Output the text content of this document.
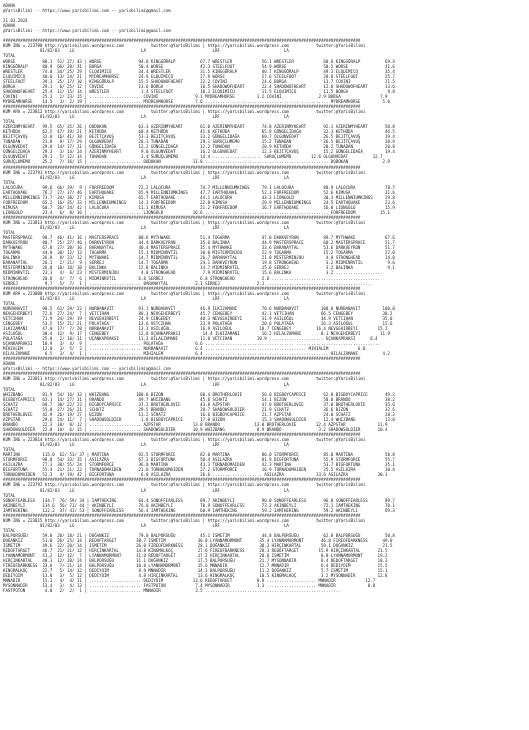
ADANA
@YarisBilimi -- https://www.yarisbilimi.com -- yarisbilimi@gmail.com

21.03.2024
ADANA
@YarisBilimi -- https://www.yarisbilimi.com -- yarisbilimi@gmail.com

#################################################################################################################################################
KUM ING = 223790 http://yarisbilimi.wordpress.com           twitter:@YarisBilimi | https://yarisbilimi.wordpress.com           twitter:@YarisBilimi
81/82/83    LG                           LA                           LRF                          LA
TOTAL
WORSE           88.1  51/ 27/ 43 | WORSE               94.0 KINGGÖRALP          67.7 WRESTLER            56.1 WRESTLER            60.6 KINGGÖRALP          69.4
KINGGÖRALP      80.9  66/ 28/ 31 | BORGA               50.4 WORSE               42.3 STEELFOOT           54.9 WORSE               50.2 WORSE               41.6
WRESTLER        74.0  34/ 25/ 29 | ELQUIMICO           34.4 WRESTLER            31.5 KINGGÖRALP          40.7 KINGGÖRALP          49.3 ELQUIMICO           35.4
ELQUIMICO       40.0  13/ 24/ 21 | MYDREAMHORSE        24.9 ELQUIMICO           27.9 WORSE               27.6 STEELFOOT           20.8 STEELFOOT           25.7
STEELFOOT       39.3  25/ 17/ 10 | KINGGÖRALP          15.5 SHADOWOFHEART       22.2 COVINI              24.6 BORGA               13.7 COVINI              21.5
BORGA           29.1   6/ 25/ 12 | COVINI              13.6 BORGA               10.5 SHADOWOFHEART       22.4 SHADOWOFHEART       12.6 SHADOWOFHEART       13.6
SHADOWOFHEART   25.4  11/ 15/ 14 | WRESTLER             1.4 STEELFOOT           10.3 ELQUIMICO           11.5 ELQUIMICO           11.5 BORGA                9.8
COVINI          25.3   2/ 23/ 15 | ..................... COVINI               9.1 MYDREAMHORSE         1.2 COVINI               2.9 BORGA                7.9
MYDREAMHORSE    14.5   3/  2/ 19 | ..................... MYDREAMHORSE         7.6 .................................................. MYDREAMHORSE         5.0
#################################################################################################################################################
KUM ARA = 223812 http://yarisbilimi.wordpress.com           twitter:@YarisBilimi | https://yarisbilimi.wordpress.com           twitter:@YarisBilimi
81/82/83    LG                           LA                           LRF                          LA
TOTAL
AZERINMYHEART   99.5  65/ 35/ 26 | DODOKAN             63.3 AZERINMYHEART       61.0 AZERINMYHEART       74.8 AZERINMYHEART       92.1 AZERINMYHEART       50.8
KETHÜDA         62.5  47/ 19/ 21 | KETHÜDA             60.4 KETHÜDA             41.6 KETHÜDA             65.8 GÜNGELIDAĞA         32.3 KETHÜDA             46.5
BEJİTÇAVUŞ      32.0  16/ 41/ 38 | BEJİTÇAVUŞ          53.3 BEJİTÇAVUŞ          33.2 GÜNGELIDAĞA         60.7 OLGUNVEDAT          26.5 BEJİTÇAVUŞ          19.4
TUNADAN         23.8   9/ 17/ 29 | OLGUNVEDAT          28.1 TUNADAN             29.1 SURUÇLUMEMO         15.2 TUNADAN             26.5 BEJİTÇAVUŞ          30.9
OLGUNVEDAT      29.6  14/ 17/ 11 | GÜNGELIDAĞA         12.2 GÜNGELIDAĞA         12.2 TUNADAN             20.9 KETHÜDA             20.2 TUNADAN             20.8
GÜNGELIDAĞA     29.3   3/ 14/ 24 | AZERINMYHEART        9.0 OLGUNVEDAT          16.2 OLGUNVEDAT          12.3 BEJİTÇAVUŞ          15.2 GÜNGELIDAĞA         19.4
OLGUNVEDAT      29.1   5/ 12/ 14 | TUNADAN              3.4 SURUÇLUMEMO         14.4 .................... SURUÇLUMEMO        12.6 OLGUNVEDAT          12.7
SURUÇLUMEMO     25.2   7/ 16/ 15 | ..................... DODOKAN             11.0 .................................................. DODOKAN              2.9
#################################################################################################################################################
KUM ING = 223791 http://yarisbilimi.wordpress.com           twitter:@YarisBilimi | https://yarisbilimi.wordpress.com           twitter:@YarisBilimi
81/82/83    LG                           LA                           LRF                          LA
TOTAL
LALOCURA        99.6  66/ 29/  9 | FORFREEDOM          72.2 LALOCURA            74.7 MILLENNIUMKINGS     79.1 LALOCURA            88.9 LALOCURA            78.7
EARTHQUAKE      76.2  27/ 37/ 46 | EARTHQUAKE          65.9 MILLENNIUMKINGS     47.7 EARTHQUAKE          52.3 FORFREEDOM          52.6 KIMUSA              31.6
MILLENNIUMKINGS 73.7  34/ 30/ 27 | KIMUSA              65.7 EARTHQUAKE          44.1 LALOCURA            43.2 LIONGOLD            30.3 MILLENNIUMKINGS     29.8
FORFREEDOM      65.2  16/ 35/ 33 | MILLENNIUMKINGS     14.3 FORFREEDOM          22.8 KIMUSA              29.9 MILLENNIUMKINGS     24.5 EARTHQUAKE          23.6
KIMUSA          60.7  26/ 24/ 42 | LALOCURA            11.1 KIMUSA              21.2 FORFREEDOM          16.7 EARTHQUAKE          16.0 LIONGOLD            15.9
LIONGOLD        23.4   6/  8/ 16 | ..................... LIONGOLD            16.6 .................................................. FORFREEDOM          15.1
#################################################################################################################################################
KUM ING = 223813 http://yarisbilimi.wordpress.com           twitter:@YarisBilimi | https://yarisbilimi.wordpress.com           twitter:@YarisBilimi
81/82/83    LG                           LA                           LRF                          LA
TOTAL
MASTERSPRACE    90.7  46/ 41/ 16 | MASTERSPRACE        80.6 MYTHWAKE            51.4 TOGARMA             47.0 DARKVEYRON          89.7 MYTHWAKE            67.6
DARKVEYRON      80.7  25/ 27/ 46 | DARKVEYRON          44.4 DARKVEYRON          35.6 BALINKA             44.9 MASTERSPRACE        60.2 MASTERSPRACE        51.7
MYTHWAKE        67.0  27/ 20/ 36 | BARANAYTAL          40.4 MASTERSPRACE        35.4 MYTHWAKE            33.6 BARANAYTAL          53.6 DARKVEYRON          51.7
TOGARMA         44.8  30/ 12/ 13 | TOGARMA             15.1 MIDMINRVTIL         30.0 MISTERMINJOU        22.9 TOGARMA             15.2 TOGARMA             27.0
BALINKA         26.8   8/ 23/ 12 | MYTHWAKE            14.7 MIDMINRVTIL         26.7 BARANAYTAL          21.0 MISTERMINJOU         4.0 STRONGHEAD          14.0
BARANAYTAL      26.1   2/ 21/  9 | SERREJ              14.7 TOGARMA             24.1 DARKVEYRON          19.8 STRONGHEAD           3.2 MIDMINRVTIL          9.6
MISTERMINJOU    26.0  10/ 18/ 10 | BALINKA             12.8 BALINKA             14.7 MIDMINRVTIL         15.6 SERREJ               3.2 BALINKA              9.1
MIDMINRVTIL     23.3   4/  6/ 23 | MISTERMINJOU         4.0 STRONGHEAD           7.9 MIDMINRVTIL         15.6 BALINKA              3.2 ...................
STRONGHEAD      20.8   4/  7/  6 | MIDMINRVTIL         6.8 SERREJ               6.8 STRONGHEAD           2.6 ............................................
SERREJ           9.7   5/  7/  1 | ..................... BARANAYTAL           2.1 SERREJ               2.1 ...........................................
#################################################################################################################################################
KUM ARA = 223800 http://yarisbilimi.wordpress.com           twitter:@YarisBilimi | https://yarisbilimi.wordpress.com           twitter:@YarisBilimi
81/82/83    LG                           LA                           LRF                          LA
TOTAL
NURBANAVIT      98.5  61/ 29/ 22 | NURBANAVIT          91.1 NURBANAVIT          46.9 ILKIZAMANI          70.6 NURBANAVIT         100.0 NURBANAVIT         100.0
NEVGEHIRBEYI    72.6  27/ 24/  7 | VETCIHAN            80.3 NEVGEHIRBEYI        45.7 CENGEBEY            42.1 VETCIHAN           66.5 CENGEBEY            38.2
VETCIHAN        71.9  24/ 29/ 19 | NEVGEHIRBEYI        24.9 CENGEBEY            40.3 NEVGEHIRBEYI        31.9 ASILOĞUL           34.9 VETCIHAN            35.0
CENGEBEY        53.5  15/ 21/ 21 | POLATAĞA            13.6 VETCIHAN            23.9 POLATAĞA            20.6 POLATAĞA           26.3 ASILOĞUL            15.6
ILKIZAMANI      47.0  17/  7/ 20 | NURBANAVIT          13.3 ASILOĞUL            16.9 ASILOĞUL           18.7 CENGEBEY          16.4 NEVGEHIRBEYI        15.2
ASILOĞUL        30.4  12/  9/ 17 | CENGEBEY            12.8 UÇANKAPRAKSI         14.4 ILKIZAMANI         16.2 HILALZAMANI        8.1 NEVGEHIRBEYI        11.9
POLATAĞA        25.0   2/ 10/ 11 | UÇANKAPRAKSI        11.3 HILALZAMANI         11.0 VETCIHAN          10.9 ...................... UÇANKAPRAKSI      6.4
UÇANKAPRAKSI    18.9   3/  4/  9 | ..................... POLATAĞA             6.6 .................................... ..................................
MIHIALEM        12.0   3/  5/  2 | ..................... NURBANAVIT           6.4 ......................................... MIHIALEM            6.0
HILALZAMANI      6.5   3/  4/  1 | ..................... MIHIALEM             6.4 .................................................. HILALZAMANI          4.2
#################################################################################################################################################
ADANA
@YarisBilimi -- https://www.yarisbilimi.com -- yarisbilimi@gmail.com
#################################################################################################################################################
KUM ING = 223811 http://yarisbilimi.wordpress.com           twitter:@YarisBilimi | https://yarisbilimi.wordpress.com           twitter:@YarisBilimi
81/82/83    LG                           LA                           LRF                          LA
TOTAL
WHIZBANG        81.9  54/ 16/ 13 | WHIZBANG           100.0 BIZON               60.4 BROTHERLOVIE        56.0 BIGBOYCAPRICE       62.8 BIGBOYCAPRICE       49.3
BIGBOYCAPRICE   63.1  14/ 27/ 31 | BRANDO              49.7 WHIZBANG            45.6 SCHATZ              54.1 BIZON               50.0 BRANDO              38.2
SCHATZ          60.7  30/ 22/ 22 | BIGBOYCAPRICE       37.2 BROTHERLOVIE        43.8 AZPSTAR             47.0 BROTHERLOVIE        37.0 BROTHERLOVIE        35.6
SCHATZ          55.0  27/ 26/ 21 | SCHATZ              29.5 BRANDO              20.7 SHADOWSOLDIER       21.9 SCHATZ              36.6 BIZON               32.6
BROTHERLOVIE    42.9  26/ 19/ 27 | BIZON               11.2 SCHATZ              16.6 BIGBOYCAPRICE       21.7 AZPSTAR             24.0 SCHATZ              28.2
AZPSTAR         29.6  24/ 11/  7 | SHADOWSOLDIER        1.8 BIGBOYCAPRICE       17.0 BIZON               15.3 SHADOWSOLDIER       12.4 WHIZBANG            13.0
BRANDO          22.3  10/  8/ 12 | ..................... AZPSTAR             13.0 BRANDO              13.0 BROTHERLOVIE        12.4 AZPSTAR             11.9
SHADOWSOLDIER   22.0  10/  6/ 15 | ..................... SHADOWSOLDIER       10.9 WHIZBANG             8.9 BRANDO               3.2 SHADOWSOLDIER       10.4
#################################################################################################################################################
KUM ING = 223814 http://yarisbilimi.wordpress.com           twitter:@YarisBilimi | https://yarisbilimi.wordpress.com           twitter:@YarisBilimi
81/82/83    LG                           LA                           LRF                          LA
TOTAL
MARTINA         115.0  62/ 53/ 37 | MARTINA            92.5 STORMFORCE          82.0 MARTINA             86.0 STORMFORCE          85.0 MARTINA             58.8
STORMFORCE      98.0  54/ 33/ 35 | ASILAZRA            67.3 BIGFORTUNA          50.4 ASILAZRA            81.9 BIGFORTUNA          55.9 STORMFORCE          55.7
ASILAZRA        77.3  30/ 55/ 24 | STORMFORCE          36.8 MARTINA             43.3 TORNADOMAIDEN       42.3 MARTINA             53.7 BIGFORTUNA          35.1
BIGFORTUNA      55.4  21/ 21/ 23 | TORNADOMAIDEN       21.0 TORNADOMAIDEN       27.2 STORMFORCE          16.9 TORNADOMAIDEN       25.5 ASILAZRA            30.4
TORNADOMAIDEN   52.3   4/ 19/ 42 | BIGFORTUNA           6.0 ASILAZRA            26.6 .................... ASILAZRA             13.6 ASILAZRA            30.3
#################################################################################################################################################
KUM ING = 223792 http://yarisbilimi.wordpress.com           twitter:@YarisBilimi | https://yarisbilimi.wordpress.com           twitter:@YarisBilimi
81/82/83    LG                           LA                           LRF                          LA
TOTAL
SONOFFEARLESS   144.7  76/ 59/ 34 | IAMTHEKING         64.4 SONOFFEARLESS       89.7 AKINBEYLI           90.8 SONOFFEARLESS       96.8 SONOFFEARLESS       89.7
AKINBEYLI       134.6  56/ 71/ 44 | AKINBEYLI          76.0 AKINBEYLI           70.9 SONOFFEARLESS       73.2 AKINBEYLI           72.1 IAMTHEKING          70.1
IAMTHEKING      122.2  37/ 41/ 53 | SONOFFEARLESS      56.4 IAMTHEKING          60.9 IAMTHEKING          59.2 IAMTHEKING          59.2 AKINBEYLI           69.3
#################################################################################################################################################
KUM ING = 223815 http://yarisbilimi.wordpress.com           twitter:@YarisBilimi | https://yarisbilimi.wordpress.com           twitter:@YarisBilimi
81/82/83    LG                           LA                           LRF                          LA
TOTAL
BALPORSUĞU      59.0  28/ 18/ 21 | DOĞANKIZ            79.0 BALPORSUĞU          45.1 ISMETIM             44.8 BALPORSUĞU          62.8 BALPORSUĞU          50.8
DOĞANKIZ        51.0  26/ 25/ 14 | REDOFTARGET        38.7 ISMETIM             30.8 LYANNAMORMONT       35.4 LYANNAMORMONT       46.8 FIREOFDARKNESS      49.0
ISMETIM         49.6  22/ 20/ 14 | ISMETIM            26.0 FIREOFDARKNESS      28.1 DOĞANKIZ            30.3 HIRÇINKARTAL        59.1 DOĞANKIZ            21.5
REDOFTARGET     46.7  21/ 21/ 12 | HIRÇINKARTAL       14.8 KINGMALKOÇ          27.6 FIREOFDARKNESS      28.3 REDOFTARGET        15.9 HIRÇINKARTAL       21.5
LYANNAMORMONT   41.2  12/ 12/  7 | LYANNAMORMONT      11.0 REDOFTARGET         17.2 HIRÇINKARTAL        28.0 ISMETIM             8.8 LYANNAMORMONT      19.2
HIRÇINKARTAL    40.3  12/ 20/ 24 | BALPORSUĞU         11.1 DOĞANKIZ            17.5 BALPORSUĞU          21.7 MYSONNADIR          8.4 REDOFTARGET        18.3
FIREOFDARKNESS  33.6   7/ 21/ 14 | BALPORSUĞU         10.8 LYANNAMORMONT       15.6 MNNADIR             12.7 MNNADIR             6.4 DEDIYOIM           15.5
KINGMALKOÇ      22.7   5/ 14/ 12 | DEDIYOIM            8.9 MNNADIR             14.3 BALPORSUĞU          11.2 DOĞANKIZ            5.7 ISMETIM            15.1
DEDIYOIM        13.8   3/  5/ 12 | DEDIYOIM            4.8 HIRÇINKARTAL        13.6 KINGMALKOÇ          10.5 KINGMALKOÇ          3.2 MYSONNADIR         12.8
MNNADIR         15.3   4/  4/ 11 | ..................... DEDIYOIM            13.6 REDOFTARGET          8.8 .................... MNNADIR            12.7
MYSONNADIR      13.4   3/  4/ 12 | ..................... FASTPOTON            7.4 MYSONNADIR           1.3 .................... MNNADIR             8.8
FASTPOTON        4.0   2/  2/  1 | ..................... MNNADIR              3.5 .......................................................
